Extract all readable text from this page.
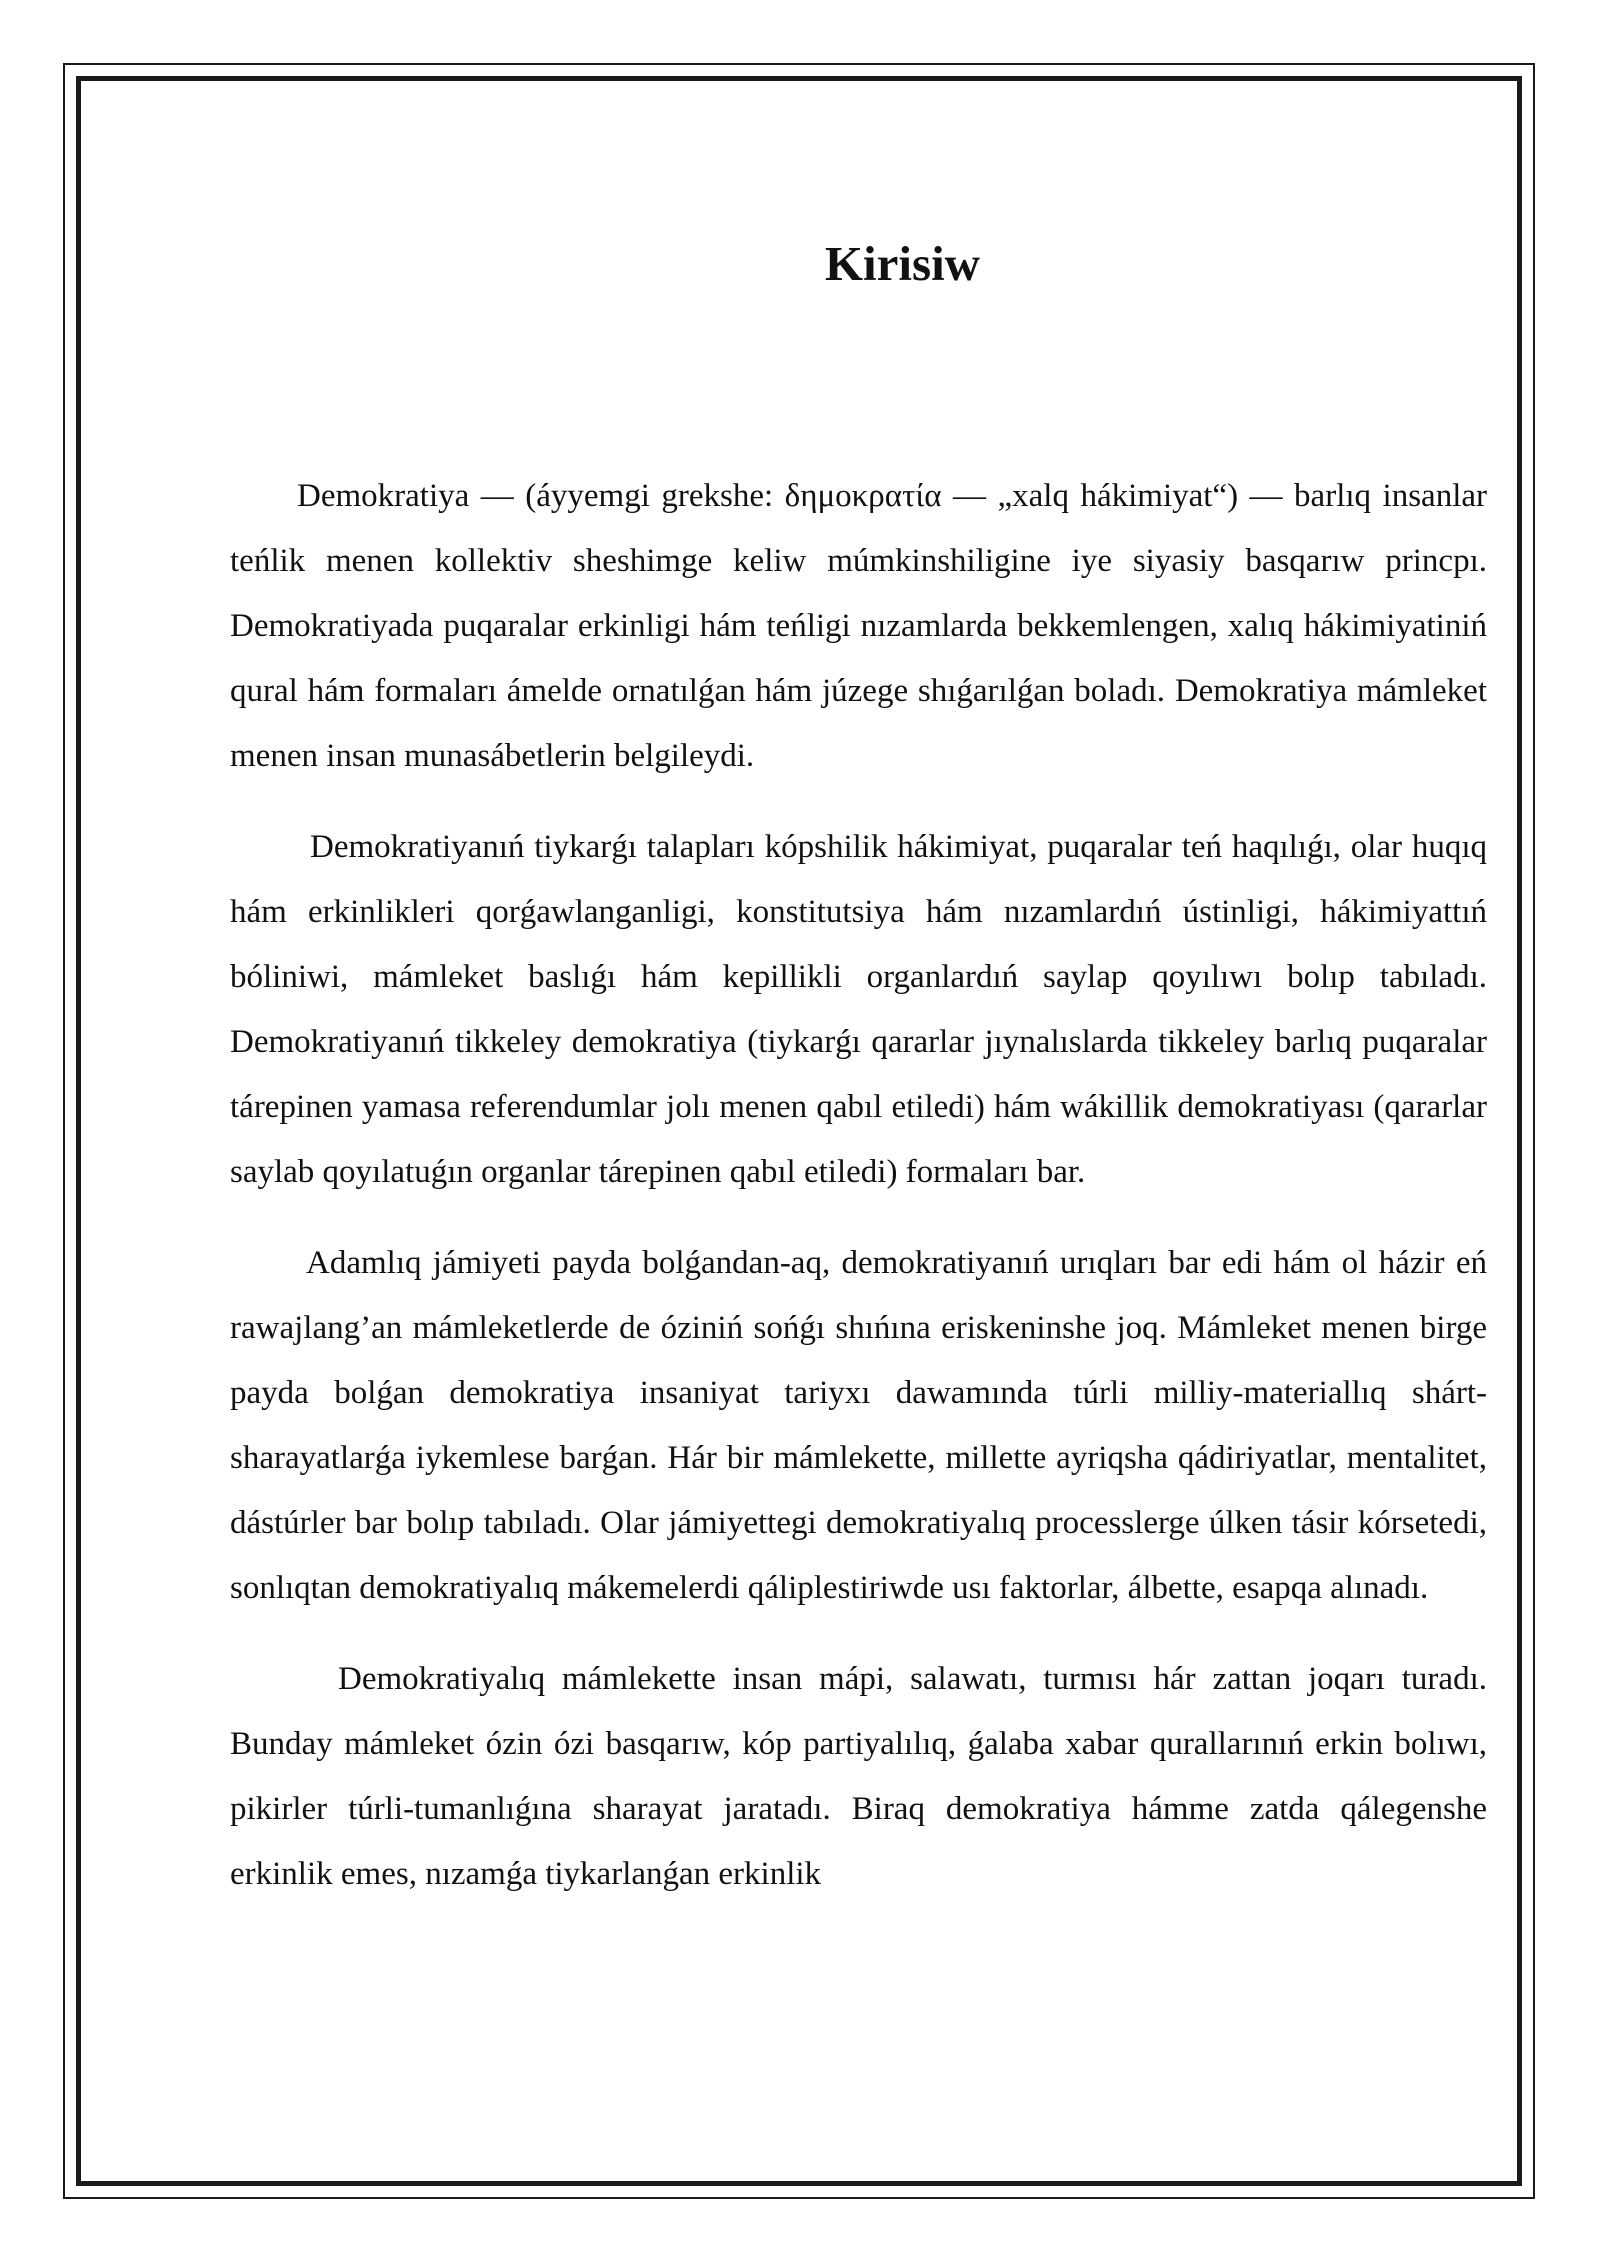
Kirisiw

Demokratiya — (áyyemgi grekshe: δημοκρατία — „xalq hákimiyat“) — barlıq insanlar teńlik menen kollektiv sheshimge keliw múmkinshiligine iye siyasiy basqarıw princpı. Demokratiyada puqaralar erkinligi hám teńligi nızamlarda bekkemlengen, xalıq hákimiyatiniń qural hám formaları ámelde ornatılǵan hám júzege shıǵarılǵan boladı. Demokratiya mámleket menen insan munasábetlerin belgileydi.

Demokratiyanıń tiykarǵı talapları kópshilik hákimiyat, puqaralar teń haqılıǵı, olar huqıq hám erkinlikleri qorǵawlanganligi, konstitutsiya hám nızamlardıń ústinligi, hákimiyattıń bóliniwi, mámleket baslıǵı hám kepillikli organlardıń saylap qoyılıwı bolıp tabıladı. Demokratiyanıń tikkeley demokratiya (tiykarǵı qararlar jıynalıslarda tikkeley barlıq puqaralar tárepinen yamasa referendumlar jolı menen qabıl etiledi) hám wákillik demokratiyası (qararlar saylab qoyılatuǵın organlar tárepinen qabıl etiledi) formaları bar.

Adamlıq jámiyeti payda bolǵandan-aq, demokratiyanıń urıqları bar edi hám ol házir eń rawajlang’an mámleketlerde de óziniń sońǵı shıńına eriskeninshe joq. Mámleket menen birge payda bolǵan demokratiya insaniyat tariyxı dawamında túrli milliy-materiallıq shárt-sharayatlarǵa iykemlese barǵan. Hár bir mámlekette, millette ayriqsha qádiriyatlar, mentalitet, dástúrler bar bolıp tabıladı. Olar jámiyettegi demokratiyalıq processlerge úlken tásir kórsetedi, sonlıqtan demokratiyalıq mákemelerdi qáliplestiriwde usı faktorlar, álbette, esapqa alınadı.

Demokratiyalıq mámlekette insan mápi, salawatı, turmısı hár zattan joqarı turadı. Bunday mámleket ózin ózi basqarıw, kóp partiyalılıq, ǵalaba xabar qurallarınıń erkin bolıwı, pikirler túrli-tumanlıǵına sharayat jaratadı. Biraq demokratiya hámme zatda qálegenshe erkinlik emes, nızamǵa tiykarlanǵan erkinlik
